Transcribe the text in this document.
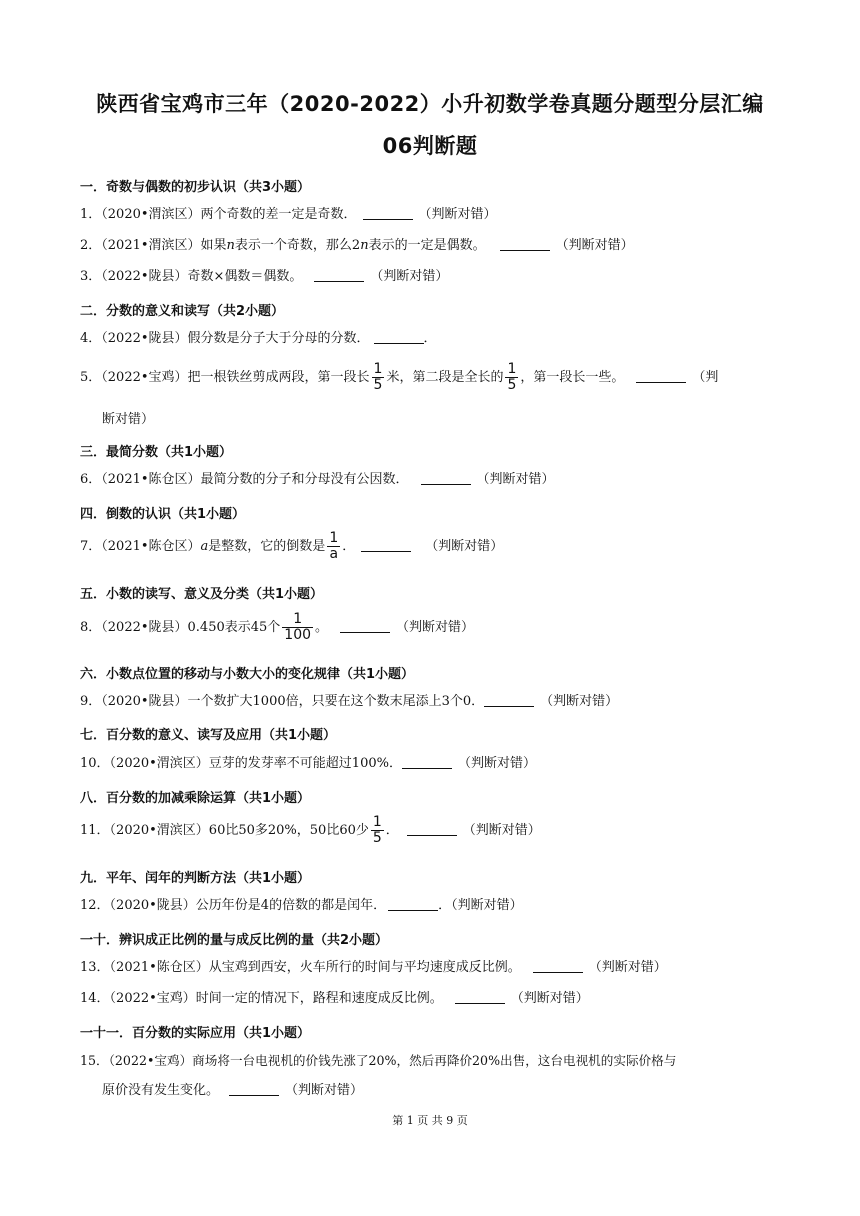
陕西省宝鸡市三年（2020-2022）小升初数学卷真题分题型分层汇编
06判断题
一．奇数与偶数的初步认识（共3小题）
1．（2020•渭滨区）两个奇数的差一定是奇数．	（判断对错）
2．（2021•渭滨区）如果n表示一个奇数，那么2n表示的一定是偶数。	（判断对错）
3．（2022•陇县）奇数×偶数＝偶数。	（判断对错）
二．分数的意义和读写（共2小题）
4．（2022•陇县）假分数是分子大于分母的分数．	．
5．（2022•宝鸡）把一根铁丝剪成两段，第一段长 $\frac{1}{5}$ 米，第二段是全长的 $\frac{1}{5}$ ，第一段长一些。	（判
断对错）
三．最简分数（共1小题）
6．（2021•陈仓区）最简分数的分子和分母没有公因数．	（判断对错）
四．倒数的认识（共1小题）
7．（2021•陈仓区）a是整数，它的倒数是 $\frac{1}{a}$ ．	（判断对错）
五．小数的读写、意义及分类（共1小题）
8．（2022•陇县）0.450表示45个 $\frac{1}{100}$ 。	（判断对错）
六．小数点位置的移动与小数大小的变化规律（共1小题）
9．（2020•陇县）一个数扩大1000倍，只要在这个数末尾添上3个0．	（判断对错）
七．百分数的意义、读写及应用（共1小题）
10．（2020•渭滨区）豆芽的发芽率不可能超过100%．	（判断对错）
八．百分数的加减乘除运算（共1小题）
11．（2020•渭滨区）60比50多20%，50比60少 $\frac{1}{5}$ ．	（判断对错）
九．平年、闰年的判断方法（共1小题）
12．（2020•陇县）公历年份是4的倍数的都是闰年．	．（判断对错）
一十．辨识成正比例的量与成反比例的量（共2小题）
13．（2021•陈仓区）从宝鸡到西安，火车所行的时间与平均速度成反比例。	（判断对错）
14．（2022•宝鸡）时间一定的情况下，路程和速度成反比例。	（判断对错）
一十一．百分数的实际应用（共1小题）
15．（2022•宝鸡）商场将一台电视机的价钱先涨了20%，然后再降价20%出售，这台电视机的实际价格与
原价没有发生变化。	（判断对错）
第 1 页 共 9 页
